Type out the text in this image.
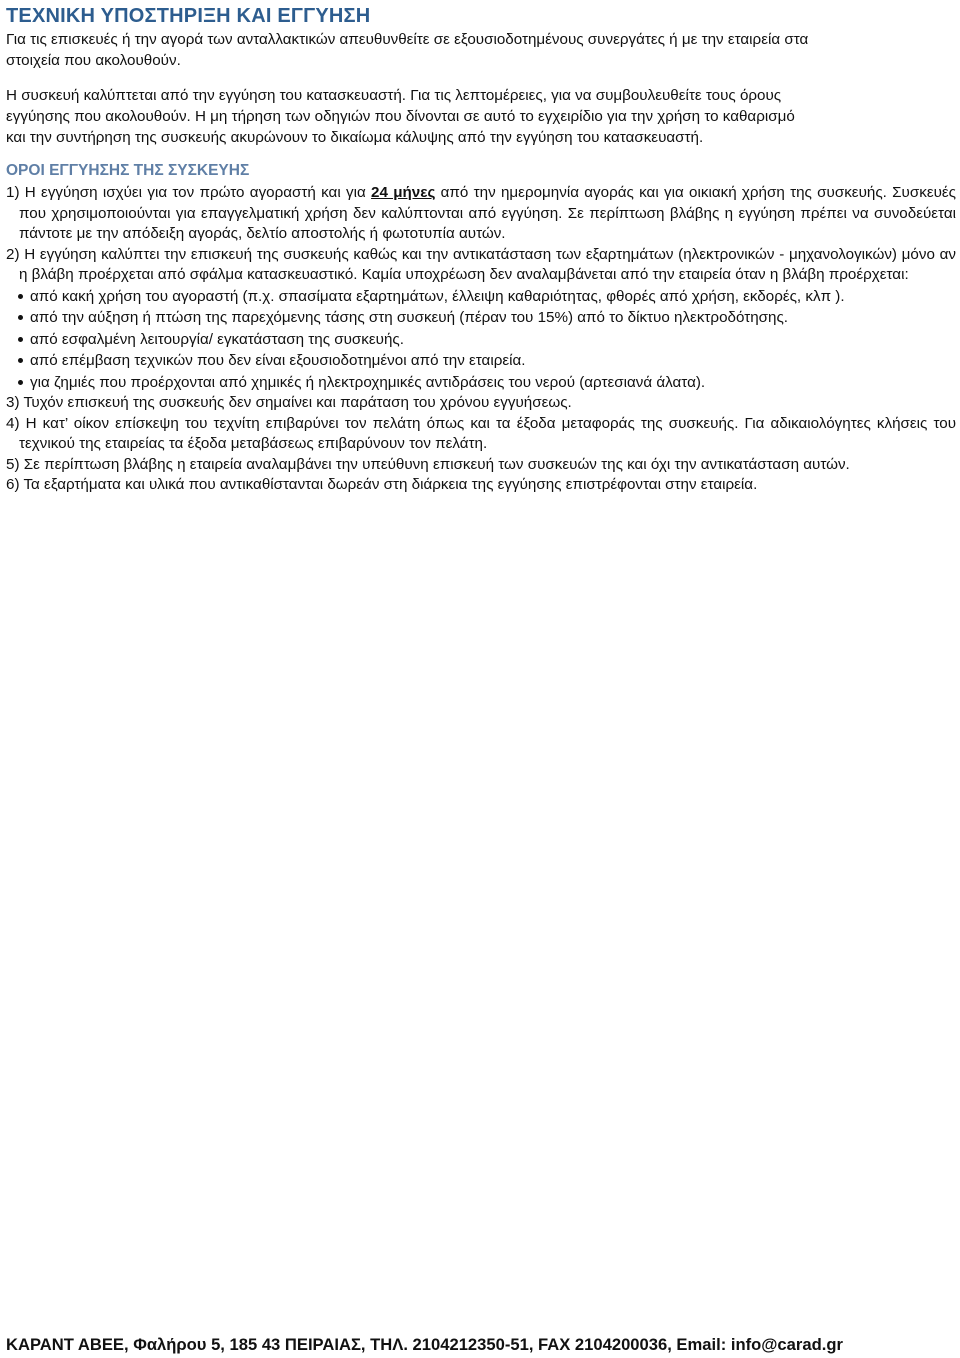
ΤΕΧΝΙΚΗ ΥΠΟΣΤΗΡΙΞΗ ΚΑΙ ΕΓΓΥΗΣΗ

Για τις επισκευές ή την αγορά των ανταλλακτικών απευθυνθείτε σε εξουσιοδοτημένους συνεργάτες ή με την εταιρεία στα

στοιχεία που ακολουθούν.

Η συσκευή καλύπτεται από την εγγύηση του κατασκευαστή. Για τις λεπτομέρειες, για να συμβουλευθείτε τους όρους

εγγύησης που ακολουθούν. Η μη τήρηση των οδηγιών που δίνονται σε αυτό το εγχειρίδιο για την χρήση το καθαρισμό

και την συντήρηση της συσκευής ακυρώνουν το δικαίωμα κάλυψης από την εγγύηση του κατασκευαστή.

ΟΡΟΙ ΕΓΓΥΗΣΗΣ ΤΗΣ ΣΥΣΚΕΥΗΣ

1) Η εγγύηση ισχύει για τον πρώτο αγοραστή και για 24 μήνες από την ημερομηνία αγοράς και για οικιακή χρήση της συσκευής. Συσκευές που χρησιμοποιούνται για επαγγελματική χρήση δεν καλύπτονται από εγγύηση. Σε περίπτωση βλάβης η εγγύηση πρέπει να συνοδεύεται πάντοτε με την απόδειξη αγοράς, δελτίο αποστολής ή φωτοτυπία αυτών.

2) Η εγγύηση καλύπτει την επισκευή της συσκευής καθώς και την αντικατάσταση των εξαρτημάτων (ηλεκτρονικών - μηχανολογικών) μόνο αν η βλάβη προέρχεται από σφάλμα κατασκευαστικό. Καμία υποχρέωση δεν αναλαμβάνεται από την εταιρεία όταν η βλάβη προέρχεται:

από κακή χρήση του αγοραστή (π.χ. σπασίματα εξαρτημάτων, έλλειψη καθαριότητας, φθορές από χρήση, εκδορές, κλπ ).
από την αύξηση ή πτώση της παρεχόμενης τάσης στη συσκευή (πέραν του 15%) από το δίκτυο ηλεκτροδότησης.
από εσφαλμένη λειτουργία/ εγκατάσταση της συσκευής.
από επέμβαση τεχνικών που δεν είναι εξουσιοδοτημένοι από την εταιρεία.
για ζημιές που προέρχονται από χημικές ή ηλεκτροχημικές αντιδράσεις του νερού (αρτεσιανά άλατα).

3) Τυχόν επισκευή της συσκευής δεν σημαίνει και παράταση του χρόνου εγγυήσεως.

4) Η κατ’ οίκον επίσκεψη του τεχνίτη επιβαρύνει τον πελάτη όπως και τα έξοδα μεταφοράς της συσκευής. Για αδικαιολόγητες κλήσεις του τεχνικού της εταιρείας τα έξοδα μεταβάσεως επιβαρύνουν τον πελάτη.

5) Σε περίπτωση βλάβης η εταιρεία αναλαμβάνει την υπεύθυνη επισκευή των συσκευών της και όχι την αντικατάσταση αυτών.

6) Τα εξαρτήματα και υλικά που αντικαθίστανται δωρεάν στη διάρκεια της εγγύησης επιστρέφονται στην εταιρεία.

ΚΑΡΑΝΤ ΑΒΕΕ, Φαλήρου 5, 185 43 ΠΕΙΡΑΙΑΣ, ΤΗΛ. 2104212350-51, FAX 2104200036, Email: info@carad.gr
